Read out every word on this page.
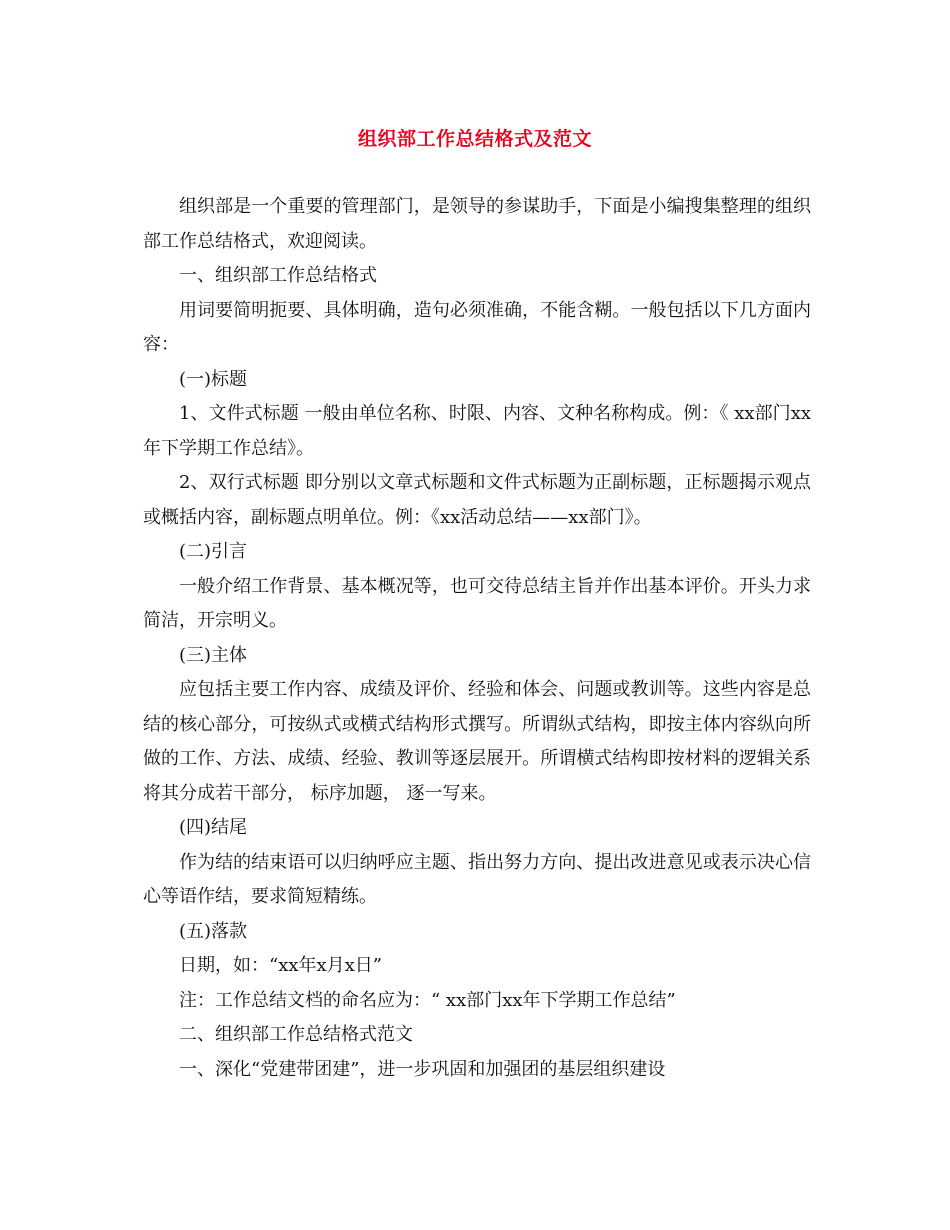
组织部工作总结格式及范文

组织部是一个重要的管理部门，是领导的参谋助手，下面是小编搜集整理的组织部工作总结格式，欢迎阅读。

一、组织部工作总结格式

用词要简明扼要、具体明确，造句必须准确，不能含糊。一般包括以下几方面内容：

(一)标题

1、文件式标题 一般由单位名称、时限、内容、文种名称构成。例：《 xx部门xx年下学期工作总结》。

2、双行式标题 即分别以文章式标题和文件式标题为正副标题，正标题揭示观点或概括内容，副标题点明单位。例：《xx活动总结——xx部门》。

(二)引言

一般介绍工作背景、基本概况等，也可交待总结主旨并作出基本评价。开头力求简洁，开宗明义。

(三)主体

应包括主要工作内容、成绩及评价、经验和体会、问题或教训等。这些内容是总结的核心部分，可按纵式或横式结构形式撰写。所谓纵式结构，即按主体内容纵向所做的工作、方法、成绩、经验、教训等逐层展开。所谓横式结构即按材料的逻辑关系将其分成若干部分， 标序加题， 逐一写来。

(四)结尾

作为结的结束语可以归纳呼应主题、指出努力方向、提出改进意见或表示决心信心等语作结，要求简短精练。

(五)落款

日期，如：“xx年x月x日”

注：工作总结文档的命名应为：“ xx部门xx年下学期工作总结”

二、组织部工作总结格式范文

一、深化“党建带团建”，进一步巩固和加强团的基层组织建设
